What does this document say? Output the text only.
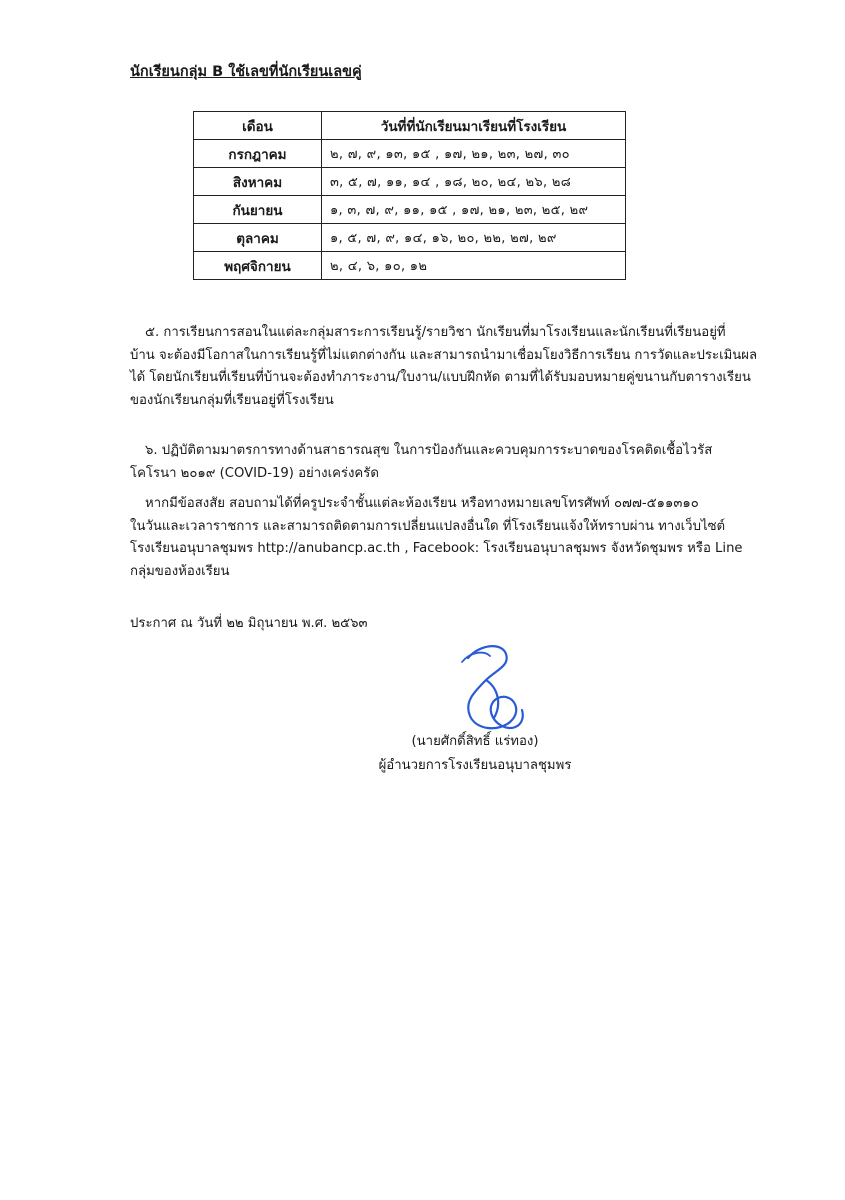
นักเรียนกลุ่ม B ใช้เลขที่นักเรียนเลขคู่
เดือน	วันที่ที่นักเรียนมาเรียนที่โรงเรียน
กรกฎาคม	๒, ๗, ๙, ๑๓, ๑๕ , ๑๗, ๒๑, ๒๓, ๒๗, ๓๐
สิงหาคม	๓, ๕, ๗, ๑๑, ๑๔ , ๑๘, ๒๐, ๒๔, ๒๖, ๒๘
กันยายน	๑, ๓, ๗, ๙, ๑๑, ๑๕ , ๑๗, ๒๑, ๒๓, ๒๕, ๒๙
ตุลาคม	๑, ๕, ๗, ๙, ๑๔, ๑๖, ๒๐, ๒๒, ๒๗, ๒๙
พฤศจิกายน	๒, ๔, ๖, ๑๐, ๑๒
๕. การเรียนการสอนในแต่ละกลุ่มสาระการเรียนรู้/รายวิชา นักเรียนที่มาโรงเรียนและนักเรียนที่เรียนอยู่ที่
บ้าน จะต้องมีโอกาสในการเรียนรู้ที่ไม่แตกต่างกัน และสามารถนำมาเชื่อมโยงวิธีการเรียน การวัดและประเมินผล
ได้ โดยนักเรียนที่เรียนที่บ้านจะต้องทำภาระงาน/ใบงาน/แบบฝึกหัด ตามที่ได้รับมอบหมายคู่ขนานกับตารางเรียน
ของนักเรียนกลุ่มที่เรียนอยู่ที่โรงเรียน
๖. ปฏิบัติตามมาตรการทางด้านสาธารณสุข ในการป้องกันและควบคุมการระบาดของโรคติดเชื้อไวรัส
โคโรนา ๒๐๑๙ (COVID-19) อย่างเคร่งครัด
หากมีข้อสงสัย สอบถามได้ที่ครูประจำชั้นแต่ละห้องเรียน หรือทางหมายเลขโทรศัพท์ ๐๗๗-๕๑๑๓๑๐
ในวันและเวลาราชการ และสามารถติดตามการเปลี่ยนแปลงอื่นใด ที่โรงเรียนแจ้งให้ทราบผ่าน ทางเว็บไซต์
โรงเรียนอนุบาลชุมพร http://anubancp.ac.th , Facebook: โรงเรียนอนุบาลชุมพร จังหวัดชุมพร หรือ Line
กลุ่มของห้องเรียน
ประกาศ ณ วันที่ ๒๒ มิถุนายน พ.ศ. ๒๕๖๓
(นายศักดิ์สิทธิ์ แร่ทอง)
ผู้อำนวยการโรงเรียนอนุบาลชุมพร
